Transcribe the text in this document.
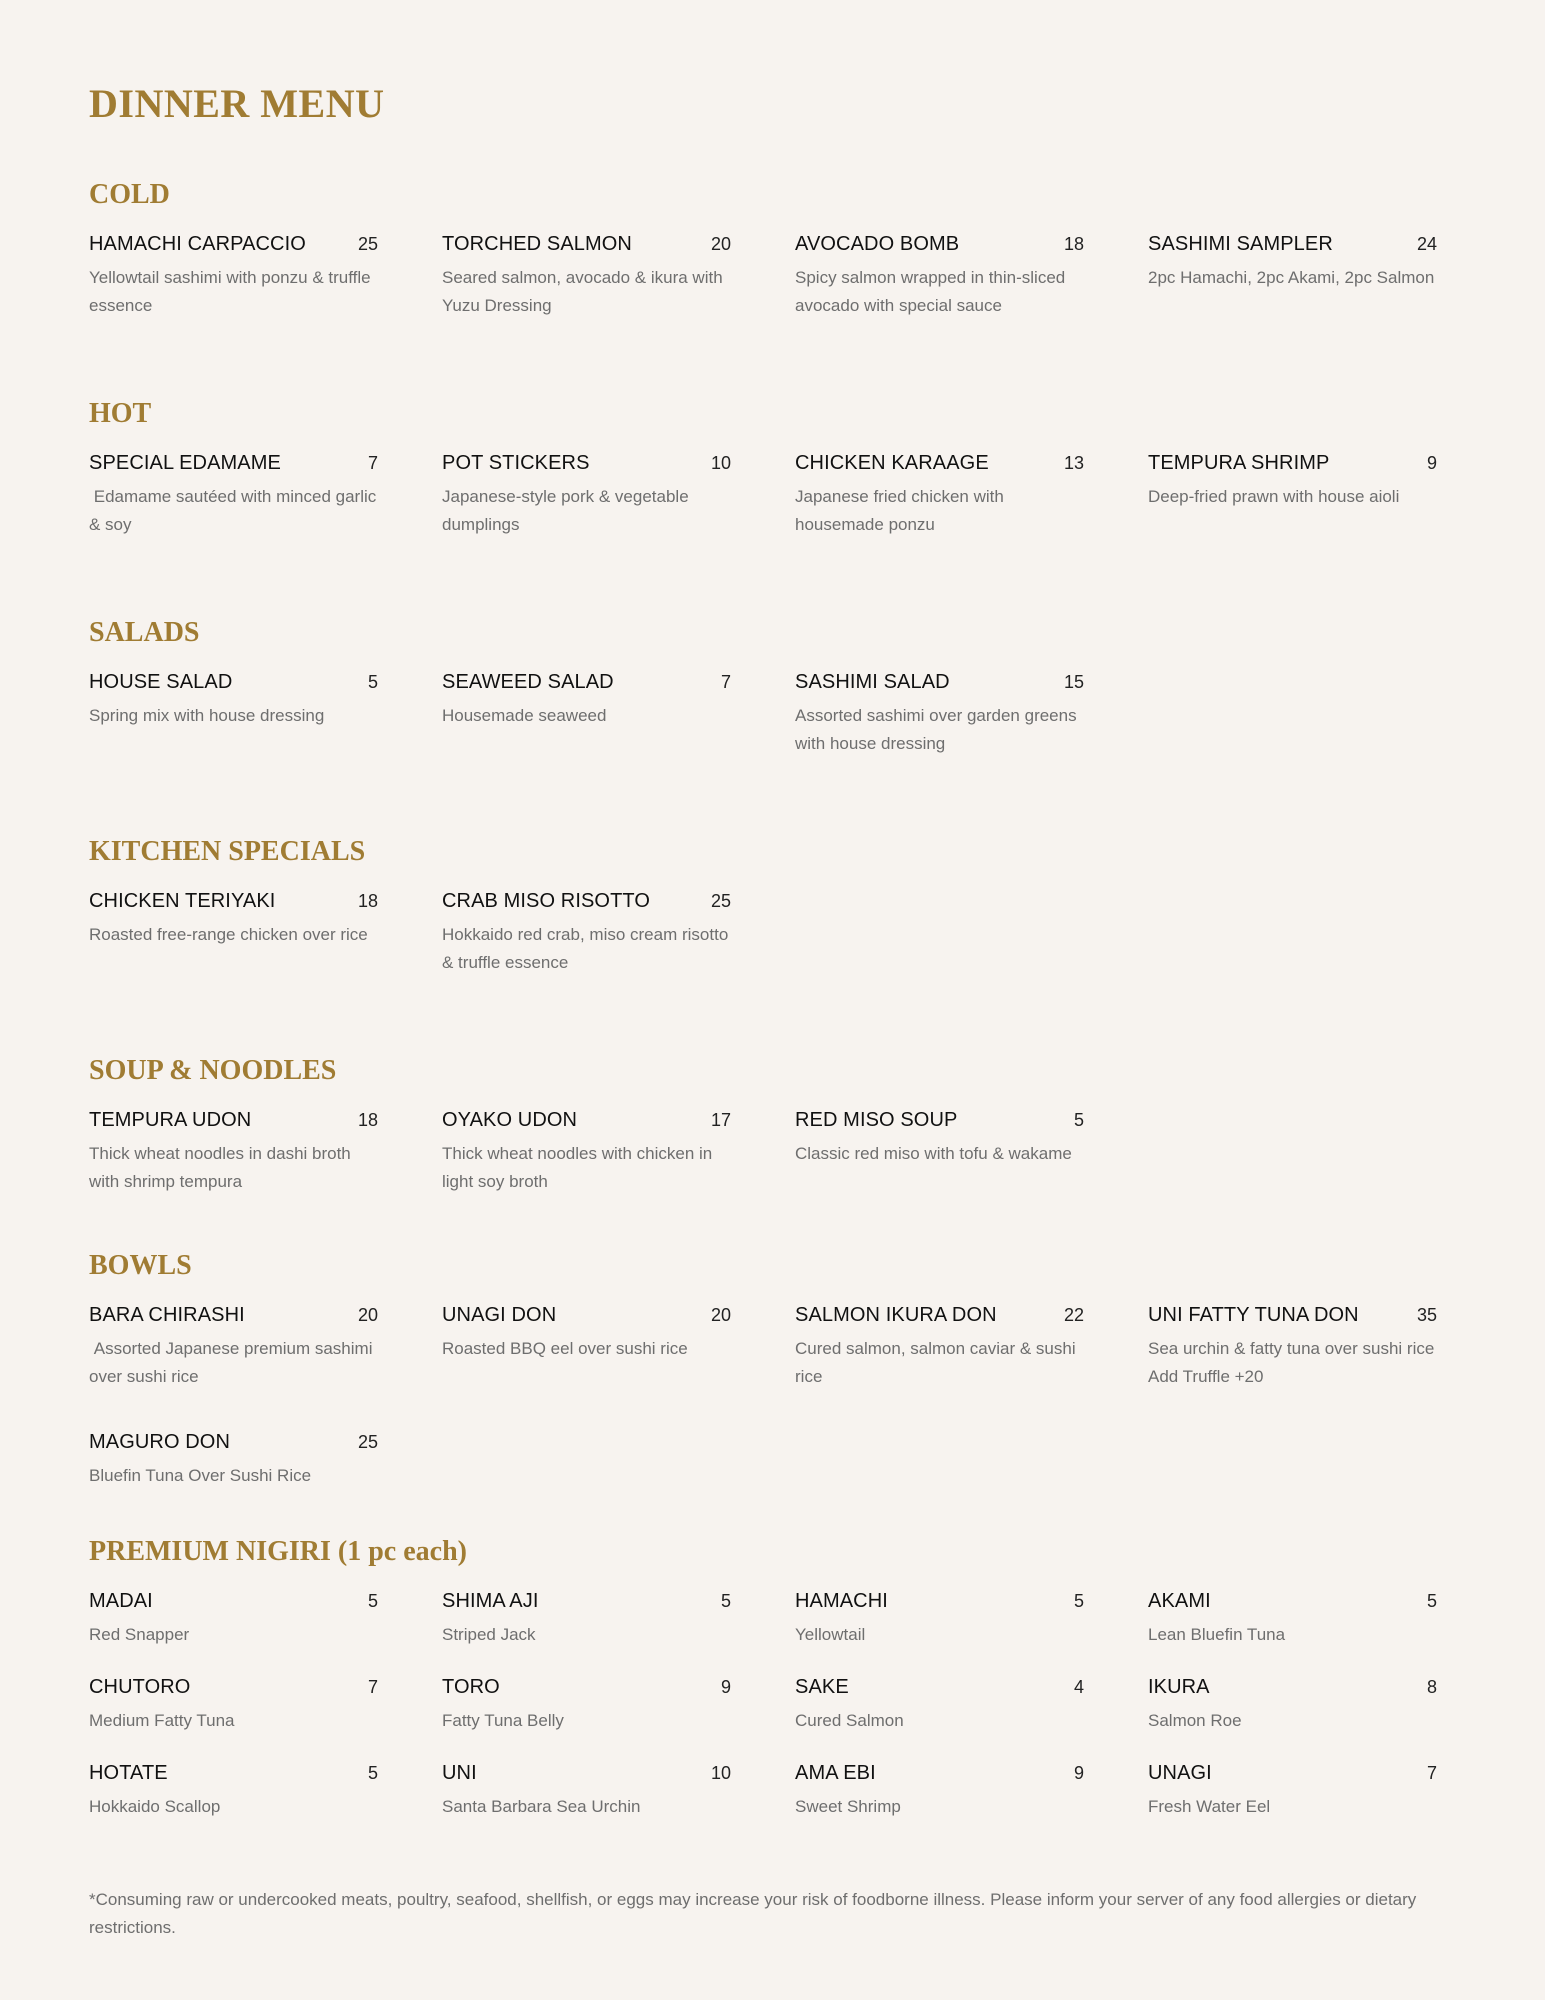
DINNER MENU
COLD
HAMACHI CARPACCIO	25
Yellowtail sashimi with ponzu & truffle essence
TORCHED SALMON	20
Seared salmon, avocado & ikura with Yuzu Dressing
AVOCADO BOMB	18
Spicy salmon wrapped in thin-sliced avocado with special sauce
SASHIMI SAMPLER	24
2pc Hamachi, 2pc Akami, 2pc Salmon
HOT
SPECIAL EDAMAME	7
Edamame sautéed with minced garlic & soy
POT STICKERS	10
Japanese-style pork & vegetable dumplings
CHICKEN KARAAGE	13
Japanese fried chicken with housemade ponzu
TEMPURA SHRIMP	9
Deep-fried prawn with house aioli
SALADS
HOUSE SALAD	5
Spring mix with house dressing
SEAWEED SALAD	7
Housemade seaweed
SASHIMI SALAD	15
Assorted sashimi over garden greens with house dressing
KITCHEN SPECIALS
CHICKEN TERIYAKI	18
Roasted free-range chicken over rice
CRAB MISO RISOTTO	25
Hokkaido red crab, miso cream risotto & truffle essence
SOUP & NOODLES
TEMPURA UDON	18
Thick wheat noodles in dashi broth with shrimp tempura
OYAKO UDON	17
Thick wheat noodles with chicken in light soy broth
RED MISO SOUP	5
Classic red miso with tofu & wakame
BOWLS
BARA CHIRASHI	20
Assorted Japanese premium sashimi over sushi rice
UNAGI DON	20
Roasted BBQ eel over sushi rice
SALMON IKURA DON	22
Cured salmon, salmon caviar & sushi rice
UNI FATTY TUNA DON	35
Sea urchin & fatty tuna over sushi rice Add Truffle +20
MAGURO DON	25
Bluefin Tuna Over Sushi Rice
PREMIUM NIGIRI (1 pc each)
MADAI	5
Red Snapper
SHIMA AJI	5
Striped Jack
HAMACHI	5
Yellowtail
AKAMI	5
Lean Bluefin Tuna
CHUTORO	7
Medium Fatty Tuna
TORO	9
Fatty Tuna Belly
SAKE	4
Cured Salmon
IKURA	8
Salmon Roe
HOTATE	5
Hokkaido Scallop
UNI	10
Santa Barbara Sea Urchin
AMA EBI	9
Sweet Shrimp
UNAGI	7
Fresh Water Eel

*Consuming raw or undercooked meats, poultry, seafood, shellfish, or eggs may increase your risk of foodborne illness. Please inform your server of any food allergies or dietary restrictions.
